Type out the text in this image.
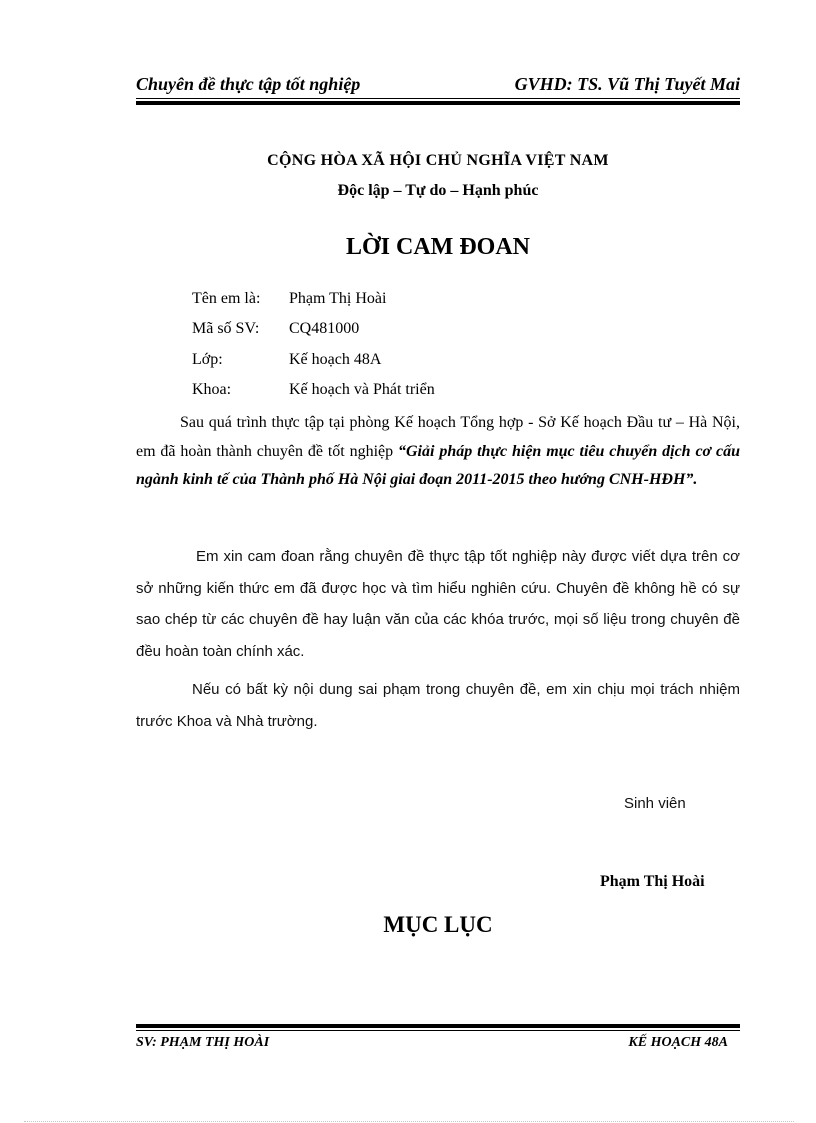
Chuyên đề thực tập tốt nghiệp	GVHD: TS. Vũ Thị Tuyết Mai
CỘNG HÒA XÃ HỘI CHỦ NGHĨA VIỆT NAM
Độc lập – Tự do – Hạnh phúc
LỜI CAM ĐOAN
Tên em là: Phạm Thị Hoài
Mã số SV: CQ481000
Lớp:	Kế hoạch 48A
Khoa:	Kế hoạch và Phát triển
Sau quá trình thực tập tại phòng Kế hoạch Tổng hợp - Sở Kế hoạch Đầu tư – Hà Nội, em đã hoàn thành chuyên đề tốt nghiệp “Giải pháp thực hiện mục tiêu chuyển dịch cơ cấu ngành kinh tế của Thành phố Hà Nội giai đoạn 2011-2015 theo hướng CNH-HĐH”.
Em xin cam đoan rằng chuyên đề thực tập tốt nghiệp này được viết dựa trên cơ sở những kiến thức em đã được học và tìm hiểu nghiên cứu. Chuyên đề không hề có sự sao chép từ các chuyên đề hay luận văn của các khóa trước, mọi số liệu trong chuyên đề đều hoàn toàn chính xác.
Nếu có bất kỳ nội dung sai phạm trong chuyên đề, em xin chịu mọi trách nhiệm trước Khoa và Nhà trường.
Sinh viên
Phạm Thị Hoài
MỤC LỤC
SV: PHẠM THỊ HOÀI	KẾ HOẠCH 48A
